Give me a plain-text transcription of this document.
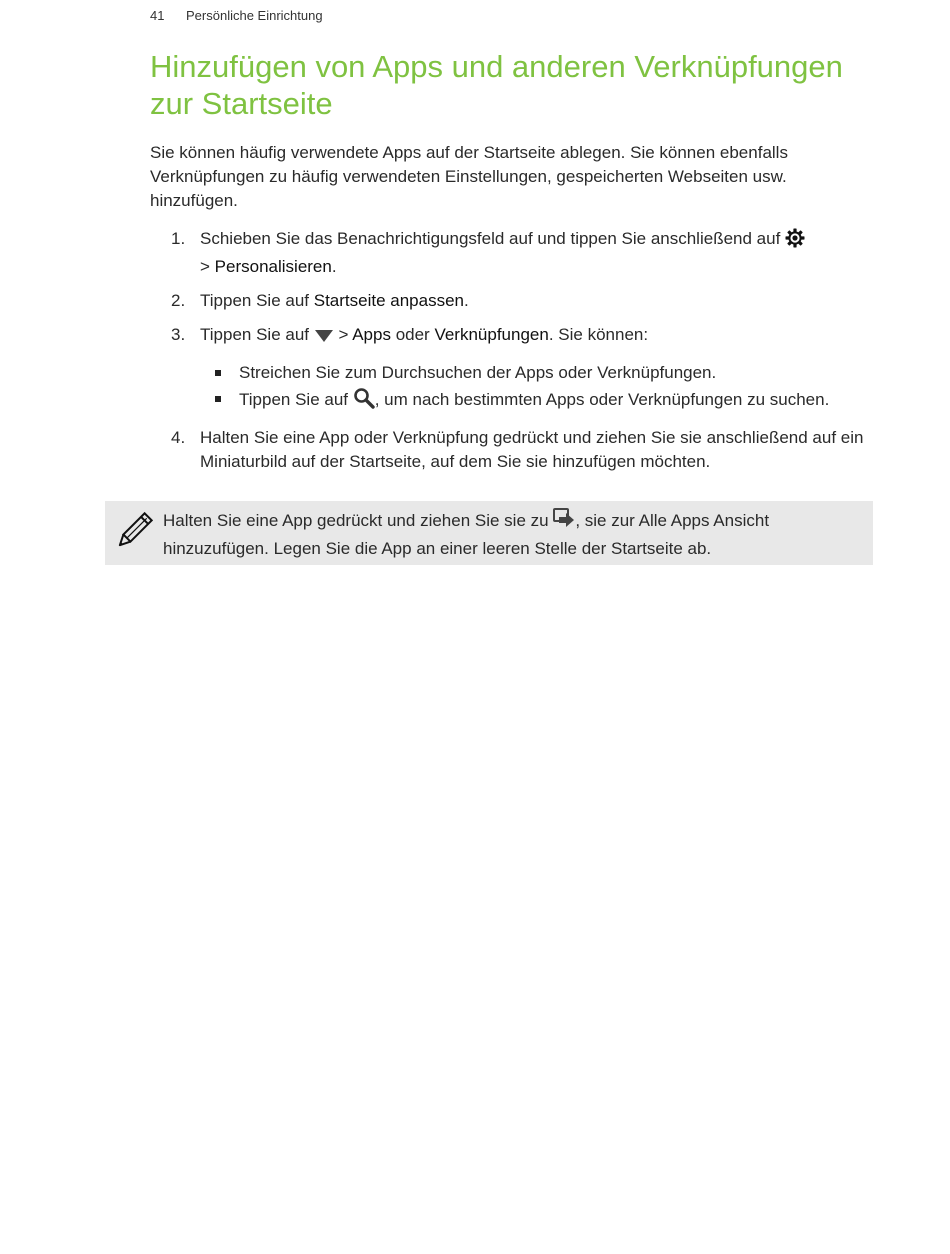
41 Persönliche Einrichtung
Hinzufügen von Apps und anderen Verknüpfungen zur Startseite

Sie können häufig verwendete Apps auf der Startseite ablegen. Sie können ebenfalls Verknüpfungen zu häufig verwendeten Einstellungen, gespeicherten Webseiten usw. hinzufügen.

1. Schieben Sie das Benachrichtigungsfeld auf und tippen Sie anschließend auf
> Personalisieren.
2. Tippen Sie auf Startseite anpassen.
3. Tippen Sie auf > Apps oder Verknüpfungen. Sie können:
Streichen Sie zum Durchsuchen der Apps oder Verknüpfungen.
Tippen Sie auf , um nach bestimmten Apps oder Verknüpfungen zu suchen.
4. Halten Sie eine App oder Verknüpfung gedrückt und ziehen Sie sie anschließend auf ein Miniaturbild auf der Startseite, auf dem Sie sie hinzufügen möchten.

Halten Sie eine App gedrückt und ziehen Sie sie zu , sie zur Alle Apps Ansicht hinzuzufügen. Legen Sie die App an einer leeren Stelle der Startseite ab.
